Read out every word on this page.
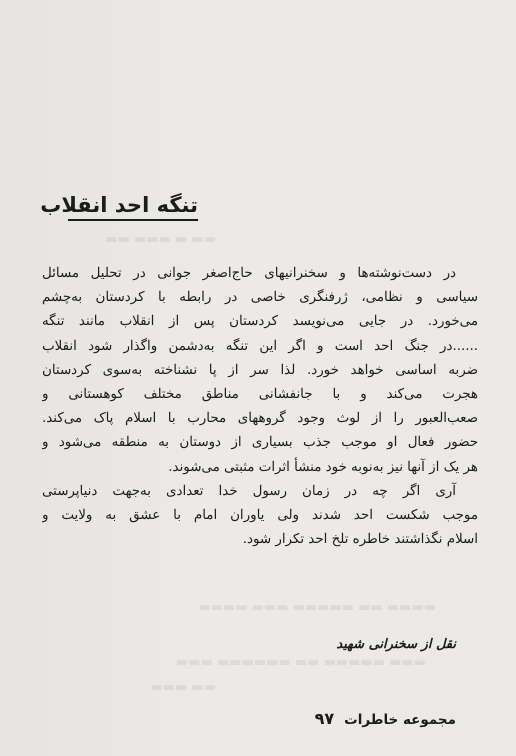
▬▬ ▬ ▬▬▬ ▬▬
▬▬▬▬ ▬▬ ▬▬▬▬▬ ▬▬▬ ▬▬▬▬
▬▬▬ ▬▬▬▬▬ ▬▬ ▬▬▬▬▬▬ ▬▬▬
▬▬ ▬▬▬
تنگه احد انقلاب
در دست‌نوشته‌ها و سخنرانیهای حاج‌اصغر جوانی در تحلیل مسائل
سیاسی و نظامی، ژرفنگری خاصی در رابطه با کردستان به‌چشم
می‌خورد. در جایی می‌نویسد کردستان پس از انقلاب مانند تنگه
......در جنگ احد است و اگر این تنگه به‌دشمن واگذار شود انقلاب
ضربه اساسی خواهد خورد. لذا سر از پا نشناخته به‌سوی کردستان
هجرت می‌کند و با جانفشانی مناطق مختلف کوهستانی و
صعب‌العبور را از لوث وجود گروههای محارب با اسلام پاک می‌کند.
حضور فعال او موجب جذب بسیاری از دوستان به منطقه می‌شود و
هر یک از آنها نیز به‌نوبه خود منشأ اثرات مثبتی می‌شوند.
آری اگر چه در زمان رسول خدا تعدادی به‌جهت دنیاپرستی
موجب شکست احد شدند ولی یاوران امام با عشق به ولایت و
اسلام نگذاشتند خاطره تلخ احد تکرار شود.
نقل از سخنرانی شهید
۹۷ مجموعه خاطرات
